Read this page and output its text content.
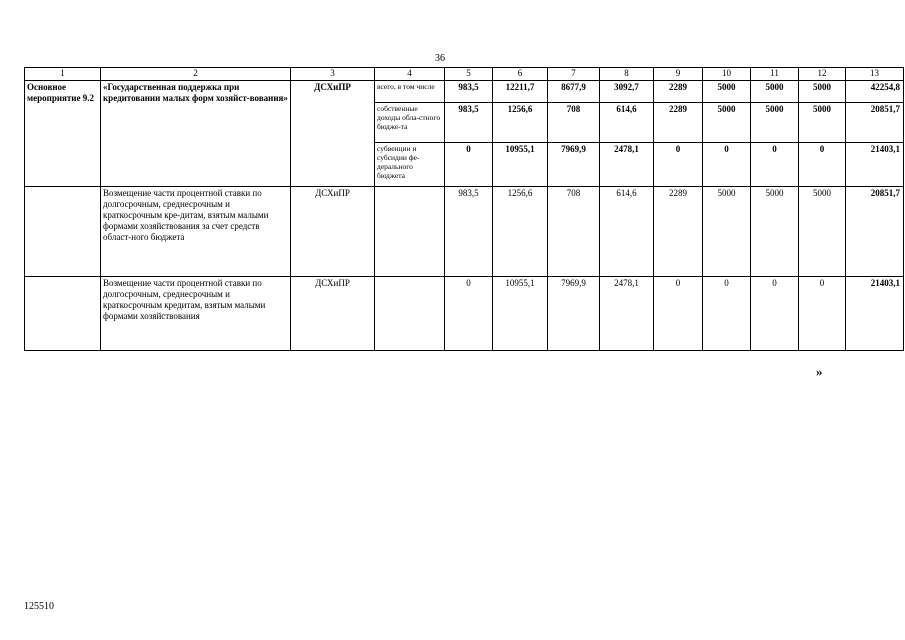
36
1	2	3	4	5	6	7	8	9	10	11	12	13
Основное мероприятие 9.2	«Государственная поддержка при кредитовании малых форм хозяйст-вования»	ДСХиПР	всего, в том числе	983,5	12211,7	8677,9	3092,7	2289	5000	5000	5000	42254,8
			собственные доходы обла-стного бюдже-та	983,5	1256,6	708	614,6	2289	5000	5000	5000	20851,7
			субвенции и субсидии фе-дерального бюджета	0	10955,1	7969,9	2478,1	0	0	0	0	21403,1
	Возмещение части процентной ставки по долгосрочным, среднесрочным и краткосрочным кре-дитам, взятым малыми формами хозяйствования за счет средств област-ного бюджета	ДСХиПР		983,5	1256,6	708	614,6	2289	5000	5000	5000	20851,7
	Возмещение части процентной ставки по долгосрочным, среднесрочным и краткосрочным кредитам, взятым малыми формами хозяйствования	ДСХиПР		0	10955,1	7969,9	2478,1	0	0	0	0	21403,1
»
125510
